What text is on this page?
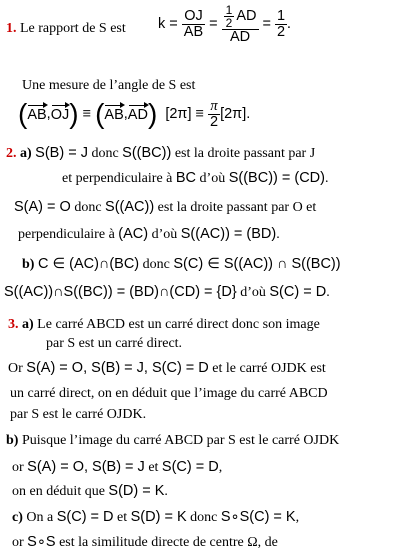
1. Le rapport de S est $k = \frac{OJ}{AB} = \frac{\frac{1}{2} AD}{AD} = \frac{1}{2}$ .
Une mesure de l’angle de S est
( AB , OJ ) ≡ ( AB , AD )
$[2\pi] \equiv \frac{\pi}{2} [2\pi]$.
2. a) S(B) = J donc S((BC)) est la droite passant par J
et perpendiculaire à BC d’où S((BC)) = (CD).
S(A) = O donc S((AC)) est la droite passant par O et
perpendiculaire à (AC) d’où S((AC)) = (BD).
b) C ∈ (AC)∩(BC) donc S(C) ∈ S((AC)) ∩ S((BC))
S((AC))∩S((BC)) = (BD)∩(CD) = {D} d’où S(C) = D.
3. a) Le carré ABCD est un carré direct donc son image
par S est un carré direct.
Or S(A) = O, S(B) = J, S(C) = D et le carré OJDK est
un carré direct, on en déduit que l’image du carré ABCD
par S est le carré OJDK.
b) Puisque l’image du carré ABCD par S est le carré OJDK
or S(A) = O, S(B) = J et S(C) = D,
on en déduit que S(D) = K.
c) On a S(C) = D et S(D) = K donc S∘S(C) = K,
or S∘S est la similitude directe de centre Ω, de
